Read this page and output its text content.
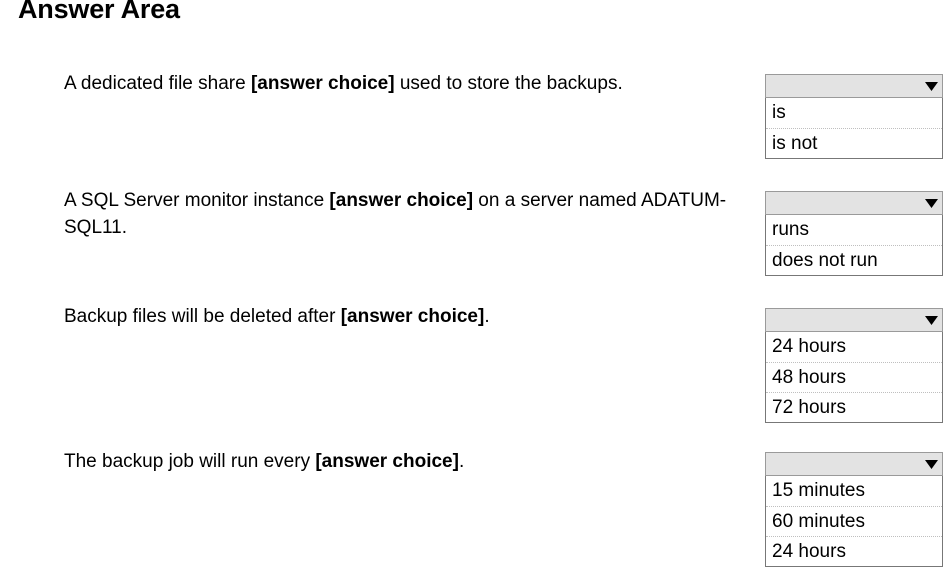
Answer Area
A dedicated file share [answer choice] used to store the backups.
is
is not
A SQL Server monitor instance [answer choice] on a server named ADATUM-SQL11.	runs
does not run
Backup files will be deleted after [answer choice].
24 hours
48 hours
72 hours
The backup job will run every [answer choice].
15 minutes
60 minutes
24 hours
